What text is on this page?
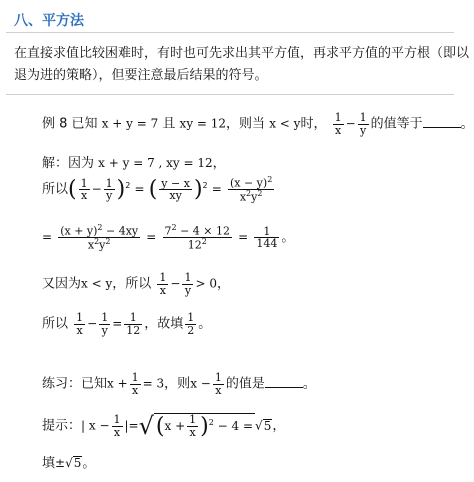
八、平方法
在直接求值比较困难时，有时也可先求出其平方值，再求平方值的平方根（即以
退为进的策略），但要注意最后结果的符号。
例 8 已知 x + y = 7 且 xy = 12，则当 x < y时， $\frac{1}{x} - \frac{1}{y}$ 的值等于	。
解：因为 x + y = 7 , xy = 12，
所以( $\frac{1}{x} - \frac{1}{y} )^2$ = ( $\frac{y - x}{xy} )^2 = \frac{(x - y)^2}{x^2y^2}$
= $\frac{(x + y)^2 - 4xy}{x^2y^2} = \frac{7^2 - 4 \times 12}{12^2} = \frac{1}{144}$ 。
又因为x < y，所以 $\frac{1}{x} - \frac{1}{y} > 0$，
所以 $\frac{1}{x} - \frac{1}{y} = \frac{1}{12}$ ，故填 $\frac{1}{2}$ 。
练习：已知$x + \frac{1}{x} = 3$，则$x - \frac{1}{x}$ 的值是	。
提示：| $x - \frac{1}{x} |=√(x + \frac{1}{x} )^2 - 4 = √5$，
填±√5。
